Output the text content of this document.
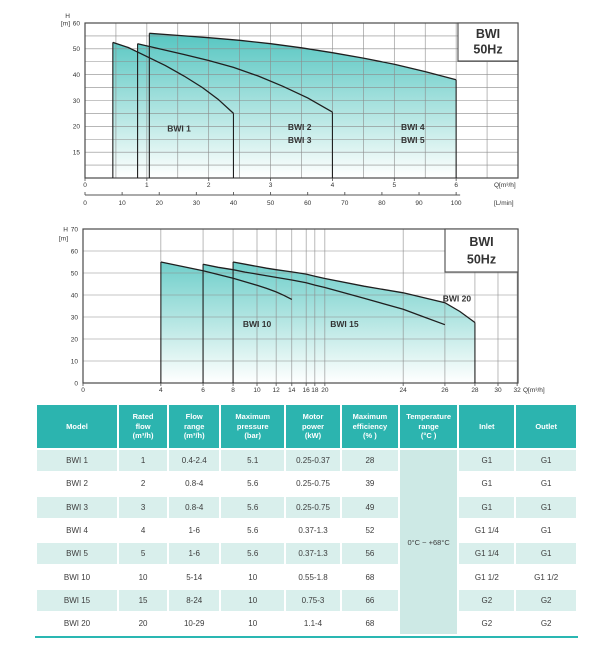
BWI 1	BWI 2
BWI 3
BWI 4
BWI 5
60
50
40
30
20
15
H
[m]
0	1	2	3	4	5	6	Q[m³/h]
0	10	20	30	40	50	60	70	80	90	100	[L/min]
BWI
50Hz
BWI 10	BWI 15
BWI 20
70
60
50
40
30
20
10
0
H
[m]
0	4	6	8	10 12 14 16 18 20	24	26	28 30 32 Q[m³/h]
BWI
50Hz
Model	Rated
flow
(m³/h)	Flow
range
(m³/h)	Maximum
pressure
(bar)	Motor
power
(kW)	Maximum
efficiency
(% )	Temperature
range
(°C )	Inlet	Outlet
BWI 1	1	0.4-2.4	5.1	0.25-0.37	28	0°C ~ +68°C	G1	G1
BWI 2	2	0.8-4	5.6	0.25-0.75	39		G1	G1
BWI 3	3	0.8-4	5.6	0.25-0.75	49		G1	G1
BWI 4	4	1-6	5.6	0.37-1.3	52		G1 1/4	G1
BWI 5	5	1-6	5.6	0.37-1.3	56		G1 1/4	G1
BWI 10	10	5-14	10	0.55-1.8	68		G1 1/2	G1 1/2
BWI 15	15	8-24	10	0.75-3	66		G2	G2
BWI 20	20	10-29	10	1.1-4	68		G2	G2
